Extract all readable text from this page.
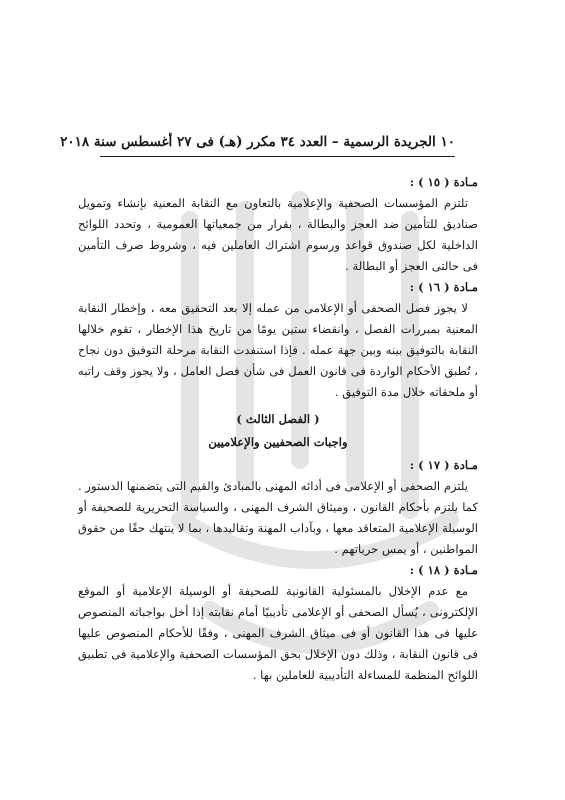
١٠ الجريدة الرسمية – العدد ٣٤ مكرر (هـ) فى ٢٧ أغسطس سنة ٢٠١٨

مـادة ( ١٥ ) :

تلتزم المؤسسات الصحفية والإعلامية بالتعاون مع النقابة المعنية بإنشاء وتمويل صناديق للتأمين ضد العجز والبطالة ، بقرار من جمعياتها العمومية ، وتحدد اللوائح الداخلية لكل صندوق قواعد ورسوم اشتراك العاملين فيه ، وشروط صرف التأمين فى حالتى العجز أو البطالة .

مـادة ( ١٦ ) :

لا يجوز فصل الصحفى أو الإعلامى من عمله إلا بعد التحقيق معه ، وإخطار النقابة المعنية بمبررات الفصل ، وانقضاء ستين يومًا من تاريخ هذا الإخطار ، تقوم خلالها النقابة بالتوفيق بينه وبين جهة عمله . فإذا استنفدت النقابة مرحلة التوفيق دون نجاح ، تُطبق الأحكام الواردة فى قانون العمل فى شأن فصل العامل ، ولا يجوز وقف راتبه أو ملحقاته خلال مدة التوفيق .

( الفصل الثالث )

واجبات الصحفيين والإعلاميين

مـادة ( ١٧ ) :

يلتزم الصحفى أو الإعلامى فى أدائه المهنى بالمبادئ والقيم التى يتضمنها الدستور . كما يلتزم بأحكام القانون ، وميثاق الشرف المهنى ، والسياسة التحريرية للصحيفة أو الوسيلة الإعلامية المتعاقد معها ، وبآداب المهنة وتقاليدها ، بما لا ينتهك حقًا من حقوق المواطنين ، أو يمس حرياتهم .

مـادة ( ١٨ ) :

مع عدم الإخلال بالمسئولية القانونية للصحيفة أو الوسيلة الإعلامية أو الموقع الإلكترونى ، يُسأل الصحفى أو الإعلامى تأديبيًا أمام نقابته إذا أخل بواجباته المنصوص عليها فى هذا القانون أو فى ميثاق الشرف المهنى ، وفقًا للأحكام المنصوص عليها فى قانون النقابة ، وذلك دون الإخلال بحق المؤسسات الصحفية والإعلامية فى تطبيق اللوائح المنظمة للمساءلة التأديبية للعاملين بها .
